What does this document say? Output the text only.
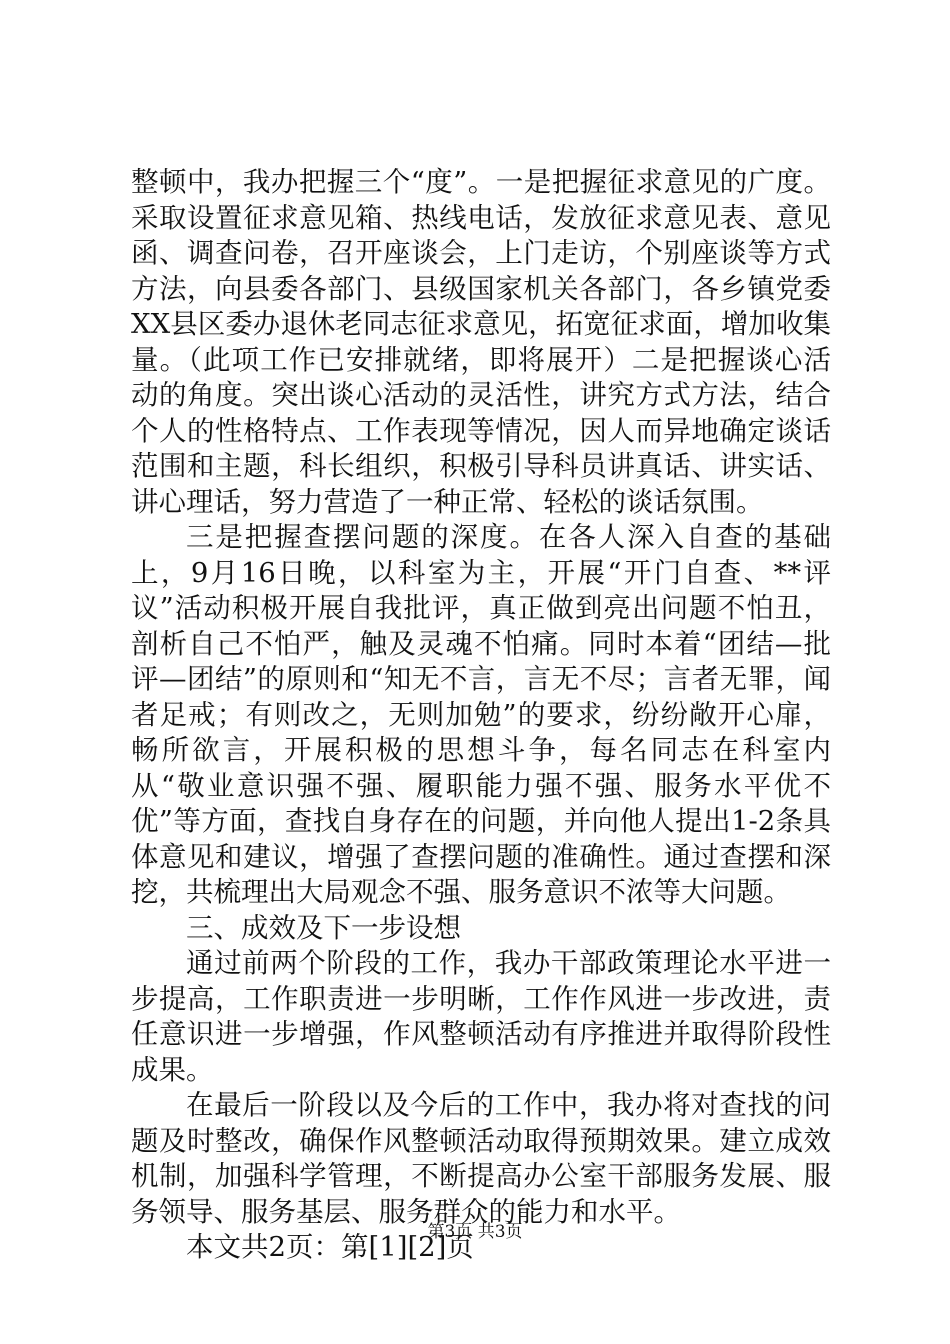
整顿中，我办把握三个“度”。一是把握征求意见的广度。采取设置征求意见箱、热线电话，发放征求意见表、意见函、调查问卷，召开座谈会，上门走访，个别座谈等方式方法，向县委各部门、县级国家机关各部门，各乡镇党委XX县区委办退休老同志征求意见，拓宽征求面，增加收集量。（此项工作已安排就绪，即将展开）二是把握谈心活动的角度。突出谈心活动的灵活性，讲究方式方法，结合个人的性格特点、工作表现等情况，因人而异地确定谈话范围和主题，科长组织，积极引导科员讲真话、讲实话、讲心理话，努力营造了一种正常、轻松的谈话氛围。

三是把握查摆问题的深度。在各人深入自查的基础上，9月16日晚，以科室为主，开展“开门自查、**评议”活动积极开展自我批评，真正做到亮出问题不怕丑，剖析自己不怕严，触及灵魂不怕痛。同时本着“团结—批评—团结”的原则和“知无不言，言无不尽；言者无罪，闻者足戒；有则改之，无则加勉”的要求，纷纷敞开心扉，畅所欲言，开展积极的思想斗争，每名同志在科室内从“敬业意识强不强、履职能力强不强、服务水平优不优”等方面，查找自身存在的问题，并向他人提出1-2条具体意见和建议，增强了查摆问题的准确性。通过查摆和深挖，共梳理出大局观念不强、服务意识不浓等大问题。

三、成效及下一步设想

通过前两个阶段的工作，我办干部政策理论水平进一步提高，工作职责进一步明晰，工作作风进一步改进，责任意识进一步增强，作风整顿活动有序推进并取得阶段性成果。

在最后一阶段以及今后的工作中，我办将对查找的问题及时整改，确保作风整顿活动取得预期效果。建立成效机制，加强科学管理，不断提高办公室干部服务发展、服务领导、服务基层、服务群众的能力和水平。

本文共2页：第[1][2]页

第3页 共3页
